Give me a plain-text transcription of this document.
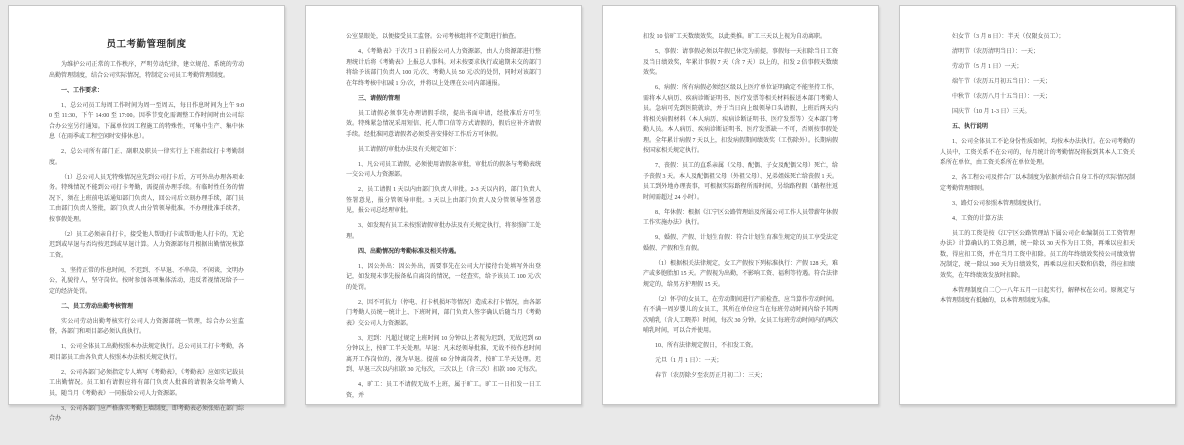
员工考勤管理制度

为维护公司正常的工作秩序，严明劳动纪律，建立规范、系统的劳动出勤管理制度，结合公司实际情况，特制定公司员工考勤管理制度。

一、工作要求：

1、总公司员工每周工作时间为周一至周五，每日作息时间为上午 9:00 至 11:30，下午 14:00 至 17:00。因季节变化需调整工作时间时由公司综合办公室另行通知。下属单位因工程施工的特殊性，可集中生产、集中休息（在雨季或工程空闲时安排休息）。

2、总公司所有部门正、副职及职员一律实行上下班指纹打卡考勤制度。

（1）总公司人员无特殊情况应先到公司打卡后，方可外出办理各项业务。特殊情况不能到公司打卡考勤，需提前办理手续。有临时性任务的情况下，须在上班前电话通知部门负责人，回公司后立刻办理手续，部门员工由部门负责人签批，部门负责人由分管领导批准。不办理批准手续者，按事假处理。

（2）员工必须亲自打卡，接受他人帮助打卡或帮助他人打卡的，无论迟到或早退与否均按迟到或早退计算。人力资源部每月根据出勤情况核算工资。

3、坚持正常的作息时间，不迟到、不早退、不串岗、不闲谈，文明办公，礼貌待人，坚守岗位。按时参加各项集体活动，违反者视情况给予一定的经济处罚。

二、员工劳动出勤考核管理

实公司劳动出勤考核实行公司人力资源部统一管理，综合办公室监督，各部门和项目部必须认真执行。

1、公司全体员工出勤按照本办法规定执行。总公司员工打卡考勤，各项目部员工由各负责人按照本办法相关规定执行。

2、公司各部门必须指定专人填写《考勤表》，《考勤表》应如实记载员工出勤情况。员工如有请假应将有部门负责人批准的请假条交给考勤人员，随当月《考勤表》一同报给公司人力资源部。

3、公司各部门应严格落实考勤上墙制度，即考勤表必须张贴在部门综合办

公室显眼处，以便接受员工监督。公司考核组将不定期进行抽查。

4、《考勤表》于次月 3 日前报公司人力资源部，由人力资源部进行整理统计后将《考勤表》上报总人事科。对未按要求执行或逾期未交的部门将给予该部门负责人 100 元/次、考勤人员 50 元/次的处罚，同时对该部门在年终考核中扣减 1 分/次，并将以上处理在公司内部通报。

三、请假的管理

员工请假必须事先办理请假手续，提出书面申请，经批准后方可生效。特殊紧急情况采用短信、托人带口信等方式请假的，假后应补齐请假手续。经批准同意请假者必须妥善安排好工作后方可休假。

员工请假的审批办法及有关规定如下：

1、凡公司员工请假，必须使用请假条审批，审批后的假条与考勤表统一交公司人力资源部。

2、员工请假 1 天以内由部门负责人审批。2-3 天以内的，部门负责人签署意见，报分管领导审批。3 天以上由部门负责人及分管领导签署意见，报公司总经理审批。

3、如发现有员工未按照请假审批办法及有关规定执行，将参照旷工处理。

四、出勤情况的考勤标准及相关待遇。

1、因公外出：因公外出，需要事先在公司大厅接待台处填写外出登记，如发现未事先报备私自离岗的情况，一经查实，给予该员工 100 元/次的处罚。

2、因不可抗力（停电、打卡机损坏等情况）造成未打卡情况，由各部门考勤人员统一统计上、下班时间，部门负责人签字确认后随当月《考勤表》交公司人力资源部。

3、迟到：凡超过规定上班时间 10 分钟以上者视为迟到，无故迟到 60 分钟以上，按旷工半天处理。早退：凡未经领导批准，无故不按作息时间离开工作岗位的，视为早退。提前 60 分钟离岗者，按旷工半天处理。迟到、早退三次以内扣款 30 元每次，三次以上（含三次）扣款 100 元每次。

4、旷工：员工不请假无故不上班，属于旷工。旷工一日扣发一日工资，并

扣发 10 倍旷工天数绩效奖，以此类推。旷工三天以上视为自动离职。

5、事假：请事假必须以年假已休完为前提，事假每一天扣除当日工资及当日绩效奖，年累计事假 7 天（含 7 天）以上的，扣发 2 倍事假天数绩效奖。

6、病假：所有病假必须经区级以上医疗单位证明确定不能坚持工作，需将本人病历、疾病诊断证明书、医疗发票等相关材料报送本部门考勤人员。急病可先到医院就诊，并于当日向上级领导口头请假，上班后两天内将相关病假材料（本人病历、疾病诊断证明书、医疗发票等）交本部门考勤人员。本人病历、疾病诊断证明书、医疗发票缺一不可，否则按事假处理。全年累计病假 7 天以上，扣发病假期间绩效奖（工伤除外）。长期病假按国家相关规定执行。

7、丧假：员工的直系亲属（父母、配偶、子女及配偶父母）死亡，给予丧假 3 天。本人及配偶祖父母（外祖父母）、兄弟姐妹死亡给丧假 1 天。员工到外地办理丧事，可根据实际路程所需时间，另给路程假（路程往返时间需超过 24 小时）。

8、年休假：根据《江宁区公路管理站及所属公司工作人员带薪年休假工作实施办法》执行。

9、婚假、产假、计划生育假：符合计划生育准生规定的员工享受法定婚假、产假和生育假。

（1）根据相关法律规定，女工产假按下列标准执行：产假 128 天，难产或多胞胎加 15 天。产假视为出勤，不影响工资、福利等待遇。符合法律规定的，给男方护理假 15 天。

（2）怀孕的女员工，在劳动期间进行产前检查，应当算作劳动时间。有不满一周岁婴儿的女员工，其所在单位应当在每班劳动时间内给予其两次哺乳（含人工喂养）时间，每次 30 分钟。女员工每班劳动时间内的两次哺乳时间，可以合并使用。

10、所有法律规定假日，不扣发工资。

元旦（1 月 1 日）：一天；

春节（农历除夕至农历正月初二）：三天；

妇女节（3 月 8 日）：半天（仅限女员工）；

清明节（农历清明当日）：一天；

劳动节（5 月 1 日）一天；

端午节（农历五月初五当日）：一天；

中秋节（农历八月十五当日）：一天；

国庆节（10 月 1-3 日）三天。

五、执行说明

1、公司全体员工不论身份性质如何，均按本办法执行。在公司考勤的人员中，工资关系不在公司的，每月统计的考勤情况将报到其本人工资关系所在单位，由工资关系所在单位处理。

2、各工程公司及拌合厂以本制度为依据并结合自身工作的实际情况制定考勤管理细则。

3、路灯公司参照本管理制度执行。

4、工资的计算方法

员工的工资是按《江宁区公路管理站下属公司企业编制员工工资管理办法》计算确认的工资总额，统一除以 30 天作为日工资，再乘以应扣天数，得应扣工资，并在当月工资中扣除。员工的年终绩效奖按公司绩效情况制定，统一除以 360 天为日绩效奖，再乘以应扣天数和倍数，得应扣绩效奖，在年终绩效发放时扣除。

本管理制度自二〇一八年五月一日起实行，解释权在公司。原规定与本管理制度有抵触的，以本管理制度为准。
